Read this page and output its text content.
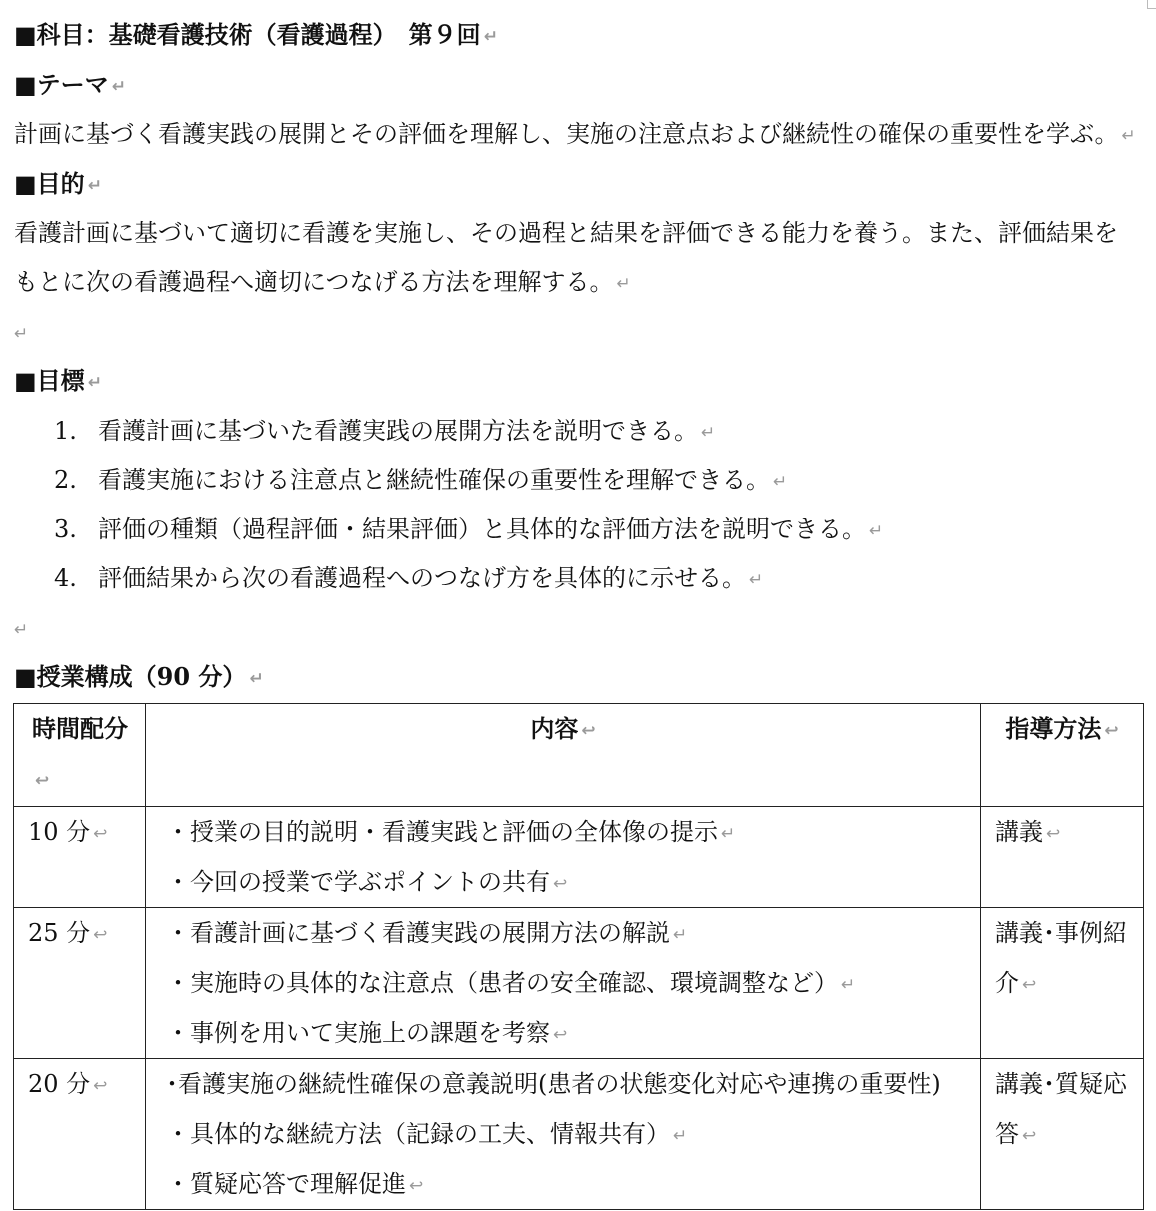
■科目：基礎看護技術（看護過程）　第９回 ↵
■テーマ ↵
計画に基づく看護実践の展開とその評価を理解し、実施の注意点および継続性の確保の重要性を学ぶ。 ↵
■目的 ↵
看護計画に基づいて適切に看護を実施し、その過程と結果を評価できる能力を養う。また、評価結果を
もとに次の看護過程へ適切につなげる方法を理解する。 ↵
↵
■目標 ↵
1. 看護計画に基づいた看護実践の展開方法を説明できる。 ↵
2. 看護実施における注意点と継続性確保の重要性を理解できる。 ↵
3. 評価の種類（過程評価・結果評価）と具体的な評価方法を説明できる。 ↵
4. 評価結果から次の看護過程へのつなげ方を具体的に示せる。 ↵
↵
■授業構成（90 分） ↵
時間配分↩	内容 ↩	指導方法 ↩
10 分 ↩	・授業の目的説明・看護実践と評価の全体像の提示 ↵
・今回の授業で学ぶポイントの共有 ↩	講義 ↩

25 分 ↩	・看護計画に基づく看護実践の展開方法の解説 ↵
・実施時の具体的な注意点（患者の安全確認、環境調整など） ↵
・事例を用いて実施上の課題を考察 ↩	講義･事例紹介 ↩

20 分 ↩	･看護実施の継続性確保の意義説明(患者の状態変化対応や連携の重要性)
・具体的な継続方法（記録の工夫、情報共有） ↵
・質疑応答で理解促進 ↩	講義･質疑応答 ↩
